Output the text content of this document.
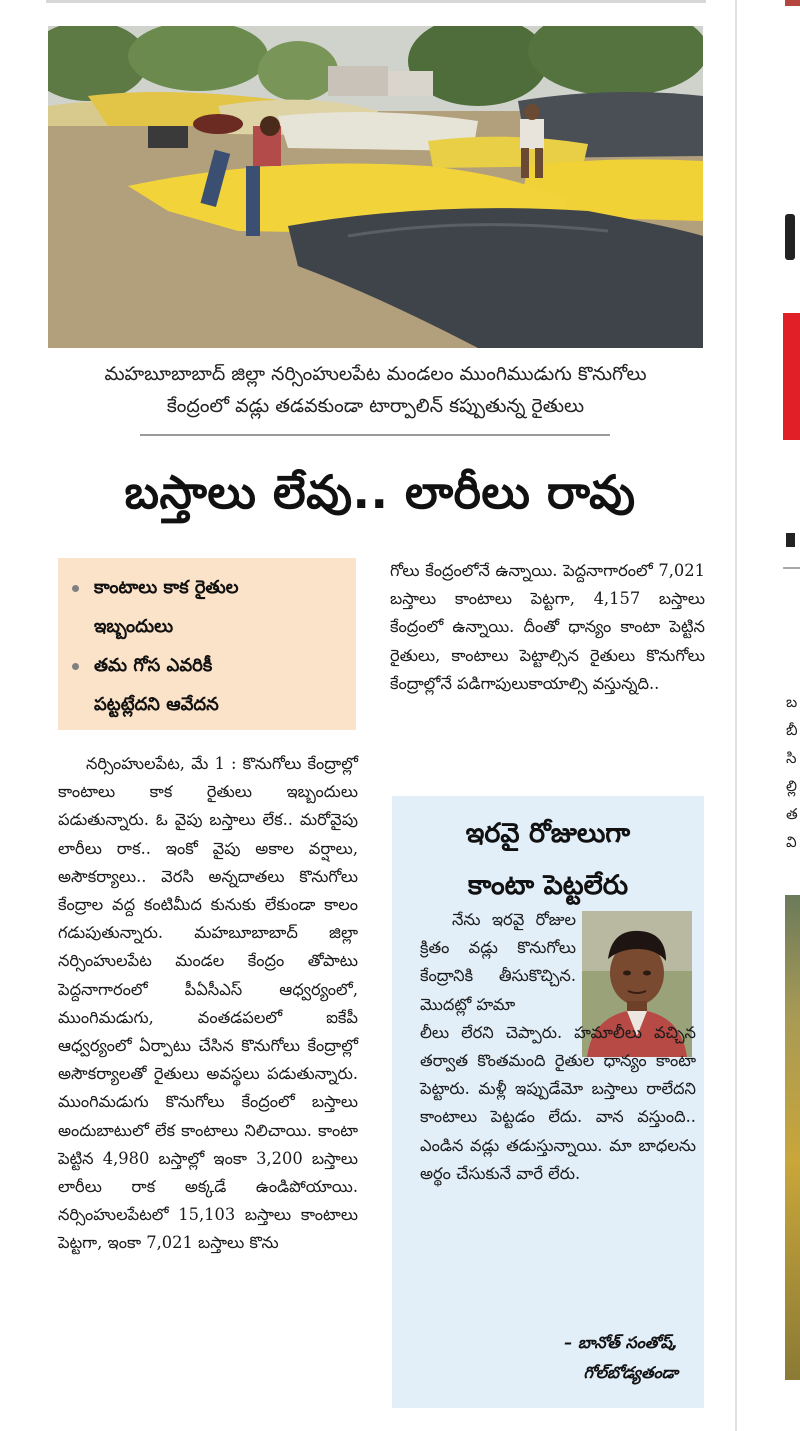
మహబూబాబాద్ జిల్లా నర్సింహులపేట మండలం ముంగిముడుగు కొనుగోలు
కేంద్రంలో వడ్లు తడవకుండా టార్పాలిన్ కప్పుతున్న రైతులు
బస్తాలు లేవు.. లారీలు రావు
కాంటాలు కాక రైతుల
ఇబ్బందులు
తమ గోస ఎవరికీ
పట్టట్లేదని ఆవేదన

నర్సింహులపేట, మే 1 : కొనుగోలు కేంద్రాల్లో కాంటాలు కాక రైతులు ఇబ్బందులు పడుతున్నారు. ఓ వైపు బస్తాలు లేక.. మరోవైపు లారీలు రాక.. ఇంకో వైపు అకాల వర్షాలు, అసౌకర్యాలు.. వెరసి అన్నదాతలు కొనుగోలు కేంద్రాల వద్ద కంటిమీద కునుకు లేకుండా కాలం గడుపుతున్నారు. మహబూబాబాద్ జిల్లా నర్సింహులపేట మండల కేంద్రం తోపాటు పెద్దనాగారంలో పీఏసీఎస్ ఆధ్వర్యంలో, ముంగిమడుగు, వంతడపలలో ఐకేపీ ఆధ్వర్యంలో ఏర్పాటు చేసిన కొనుగోలు కేంద్రాల్లో అసౌకర్యాలతో రైతులు అవస్థలు పడుతున్నారు. ముంగిమడుగు కొనుగోలు కేంద్రంలో బస్తాలు అందుబాటులో లేక కాంటాలు నిలిచాయి. కాంటా పెట్టిన 4,980 బస్తాల్లో ఇంకా 3,200 బస్తాలు లారీలు రాక అక్కడే ఉండిపోయాయి. నర్సింహులపేటలో 15,103 బస్తాలు కాంటాలు పెట్టగా, ఇంకా 7,021 బస్తాలు కొను

గోలు కేంద్రంలోనే ఉన్నాయి. పెద్దనాగారంలో 7,021 బస్తాలు కాంటాలు పెట్టగా, 4,157 బస్తాలు కేంద్రంలో ఉన్నాయి. దీంతో ధాన్యం కాంటా పెట్టిన రైతులు, కాంటాలు పెట్టాల్సిన రైతులు కొనుగోలు కేంద్రాల్లోనే పడిగాపులుకాయాల్సి వస్తున్నది..

ఇరవై రోజులుగా
కాంటా పెట్టలేరు
నేను ఇరవై రోజుల క్రితం వడ్లు కొనుగోలు కేంద్రానికి తీసుకొచ్చిన. మొదట్లో హమా
లీలు లేరని చెప్పారు. హమాలీలు వచ్చిన తర్వాత కొంతమంది రైతుల ధాన్యం కాంటా పెట్టారు. మళ్లీ ఇప్పుడేమో బస్తాలు రాలేదని కాంటాలు పెట్టడం లేదు. వాన వస్తుంది.. ఎండిన వడ్లు తడుస్తున్నాయి. మా బాధలను అర్థం చేసుకునే వారే లేరు.
– బానోత్ సంతోష్,
గోల్‌బోడ్యతండా
బ
బీ
సి
ల్లి
త
వి
